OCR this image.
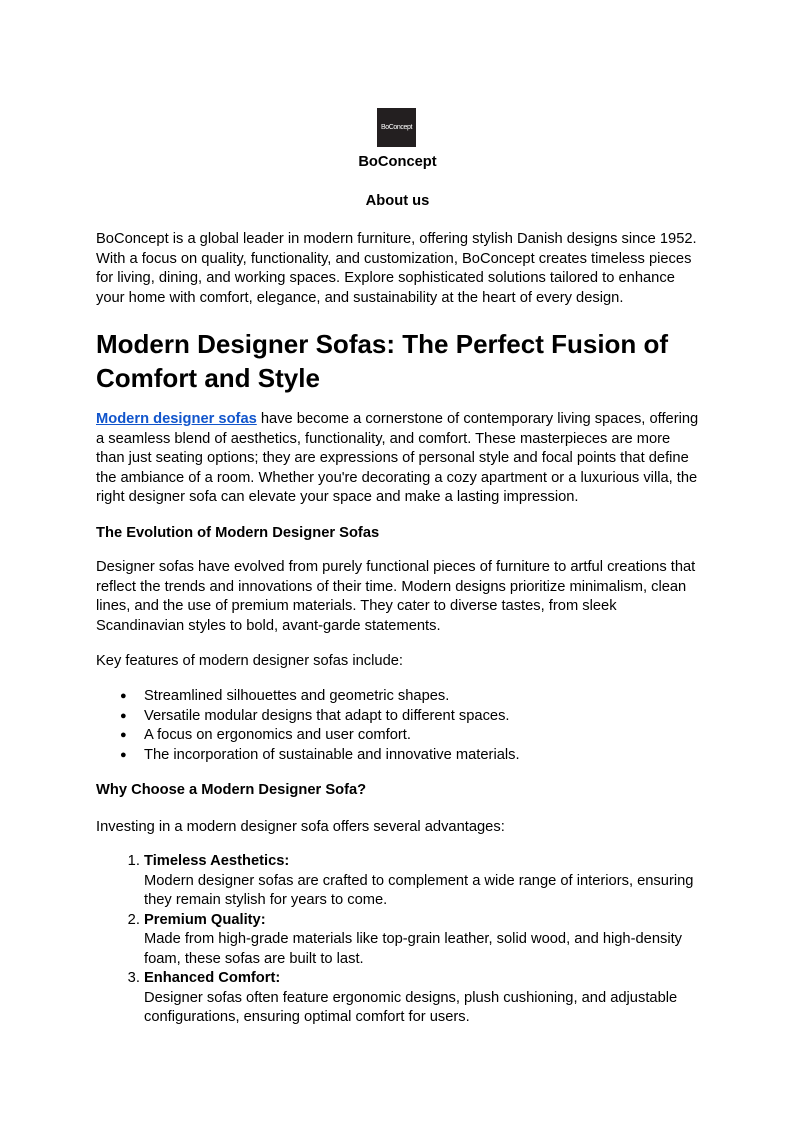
BoConcept
BoConcept
About us

BoConcept is a global leader in modern furniture, offering stylish Danish designs since 1952. With a focus on quality, functionality, and customization, BoConcept creates timeless pieces for living, dining, and working spaces. Explore sophisticated solutions tailored to enhance your home with comfort, elegance, and sustainability at the heart of every design.

Modern Designer Sofas: The Perfect Fusion of Comfort and Style

Modern designer sofas have become a cornerstone of contemporary living spaces, offering a seamless blend of aesthetics, functionality, and comfort. These masterpieces are more than just seating options; they are expressions of personal style and focal points that define the ambiance of a room. Whether you're decorating a cozy apartment or a luxurious villa, the right designer sofa can elevate your space and make a lasting impression.

The Evolution of Modern Designer Sofas

Designer sofas have evolved from purely functional pieces of furniture to artful creations that reflect the trends and innovations of their time. Modern designs prioritize minimalism, clean lines, and the use of premium materials. They cater to diverse tastes, from sleek Scandinavian styles to bold, avant-garde statements.

Key features of modern designer sofas include:

● Streamlined silhouettes and geometric shapes.
● Versatile modular designs that adapt to different spaces.
● A focus on ergonomics and user comfort.
● The incorporation of sustainable and innovative materials.
Why Choose a Modern Designer Sofa?

Investing in a modern designer sofa offers several advantages:

1. Timeless Aesthetics:
Modern designer sofas are crafted to complement a wide range of interiors, ensuring they remain stylish for years to come.
2. Premium Quality:
Made from high-grade materials like top-grain leather, solid wood, and high-density foam, these sofas are built to last.
3. Enhanced Comfort:
Designer sofas often feature ergonomic designs, plush cushioning, and adjustable configurations, ensuring optimal comfort for users.
